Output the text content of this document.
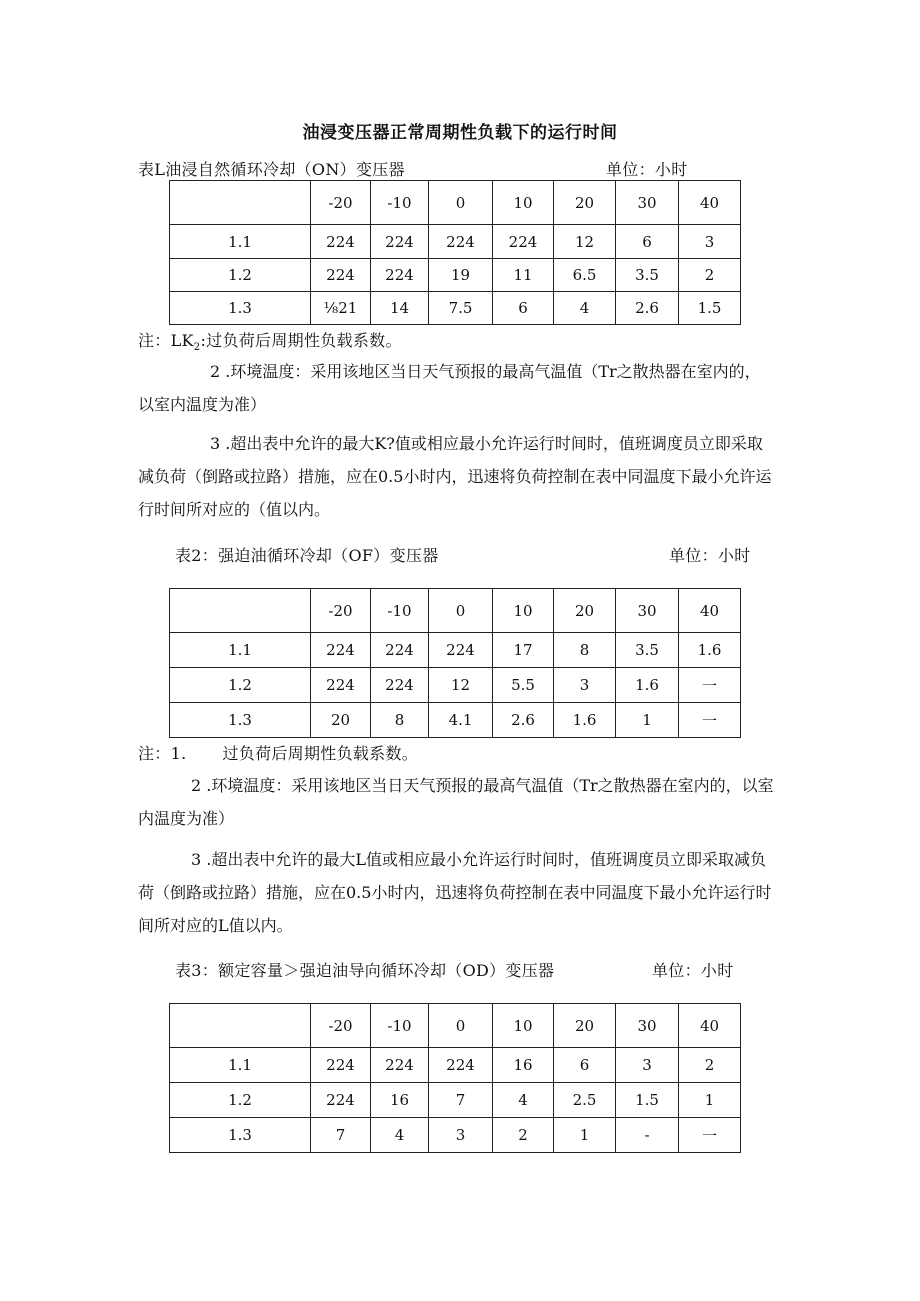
油浸变压器正常周期性负载下的运行时间
表L油浸自然循环冷却（ON）变压器	单位：小时
	-20	-10	0	10	20	30	40
1.1	224	224	224	224	12	6	3
1.2	224	224	19	11	6.5	3.5	2
1.3	⅛21	14	7.5	6	4	2.6	1.5
注：$LK_2$:过负荷后周期性负载系数。
2 .环境温度：采用该地区当日天气预报的最高气温值（Tr之散热器在室内的，以室内温度为准）
3 .超出表中允许的最大K?值或相应最小允许运行时间时，值班调度员立即采取减负荷（倒路或拉路）措施，应在0.5小时内，迅速将负荷控制在表中同温度下最小允许运行时间所对应的（值以内。
表2：强迫油循环冷却（OF）变压器	单位：小时
	-20	-10	0	10	20	30	40
1.1	224	224	224	17	8	3.5	1.6
1.2	224	224	12	5.5	3	1.6	一
1.3	20	8	4.1	2.6	1.6	1	一
注：1. 过负荷后周期性负载系数。
2 .环境温度：采用该地区当日天气预报的最高气温值（Tr之散热器在室内的，以室内温度为准）
3 .超出表中允许的最大L值或相应最小允许运行时间时，值班调度员立即采取减负荷（倒路或拉路）措施，应在0.5小时内，迅速将负荷控制在表中同温度下最小允许运行时间所对应的L值以内。
表3：额定容量＞强迫油导向循环冷却（OD）变压器	单位：小时
	-20	-10	0	10	20	30	40
1.1	224	224	224	16	6	3	2
1.2	224	16	7	4	2.5	1.5	1
1.3	7	4	3	2	1	-	一
